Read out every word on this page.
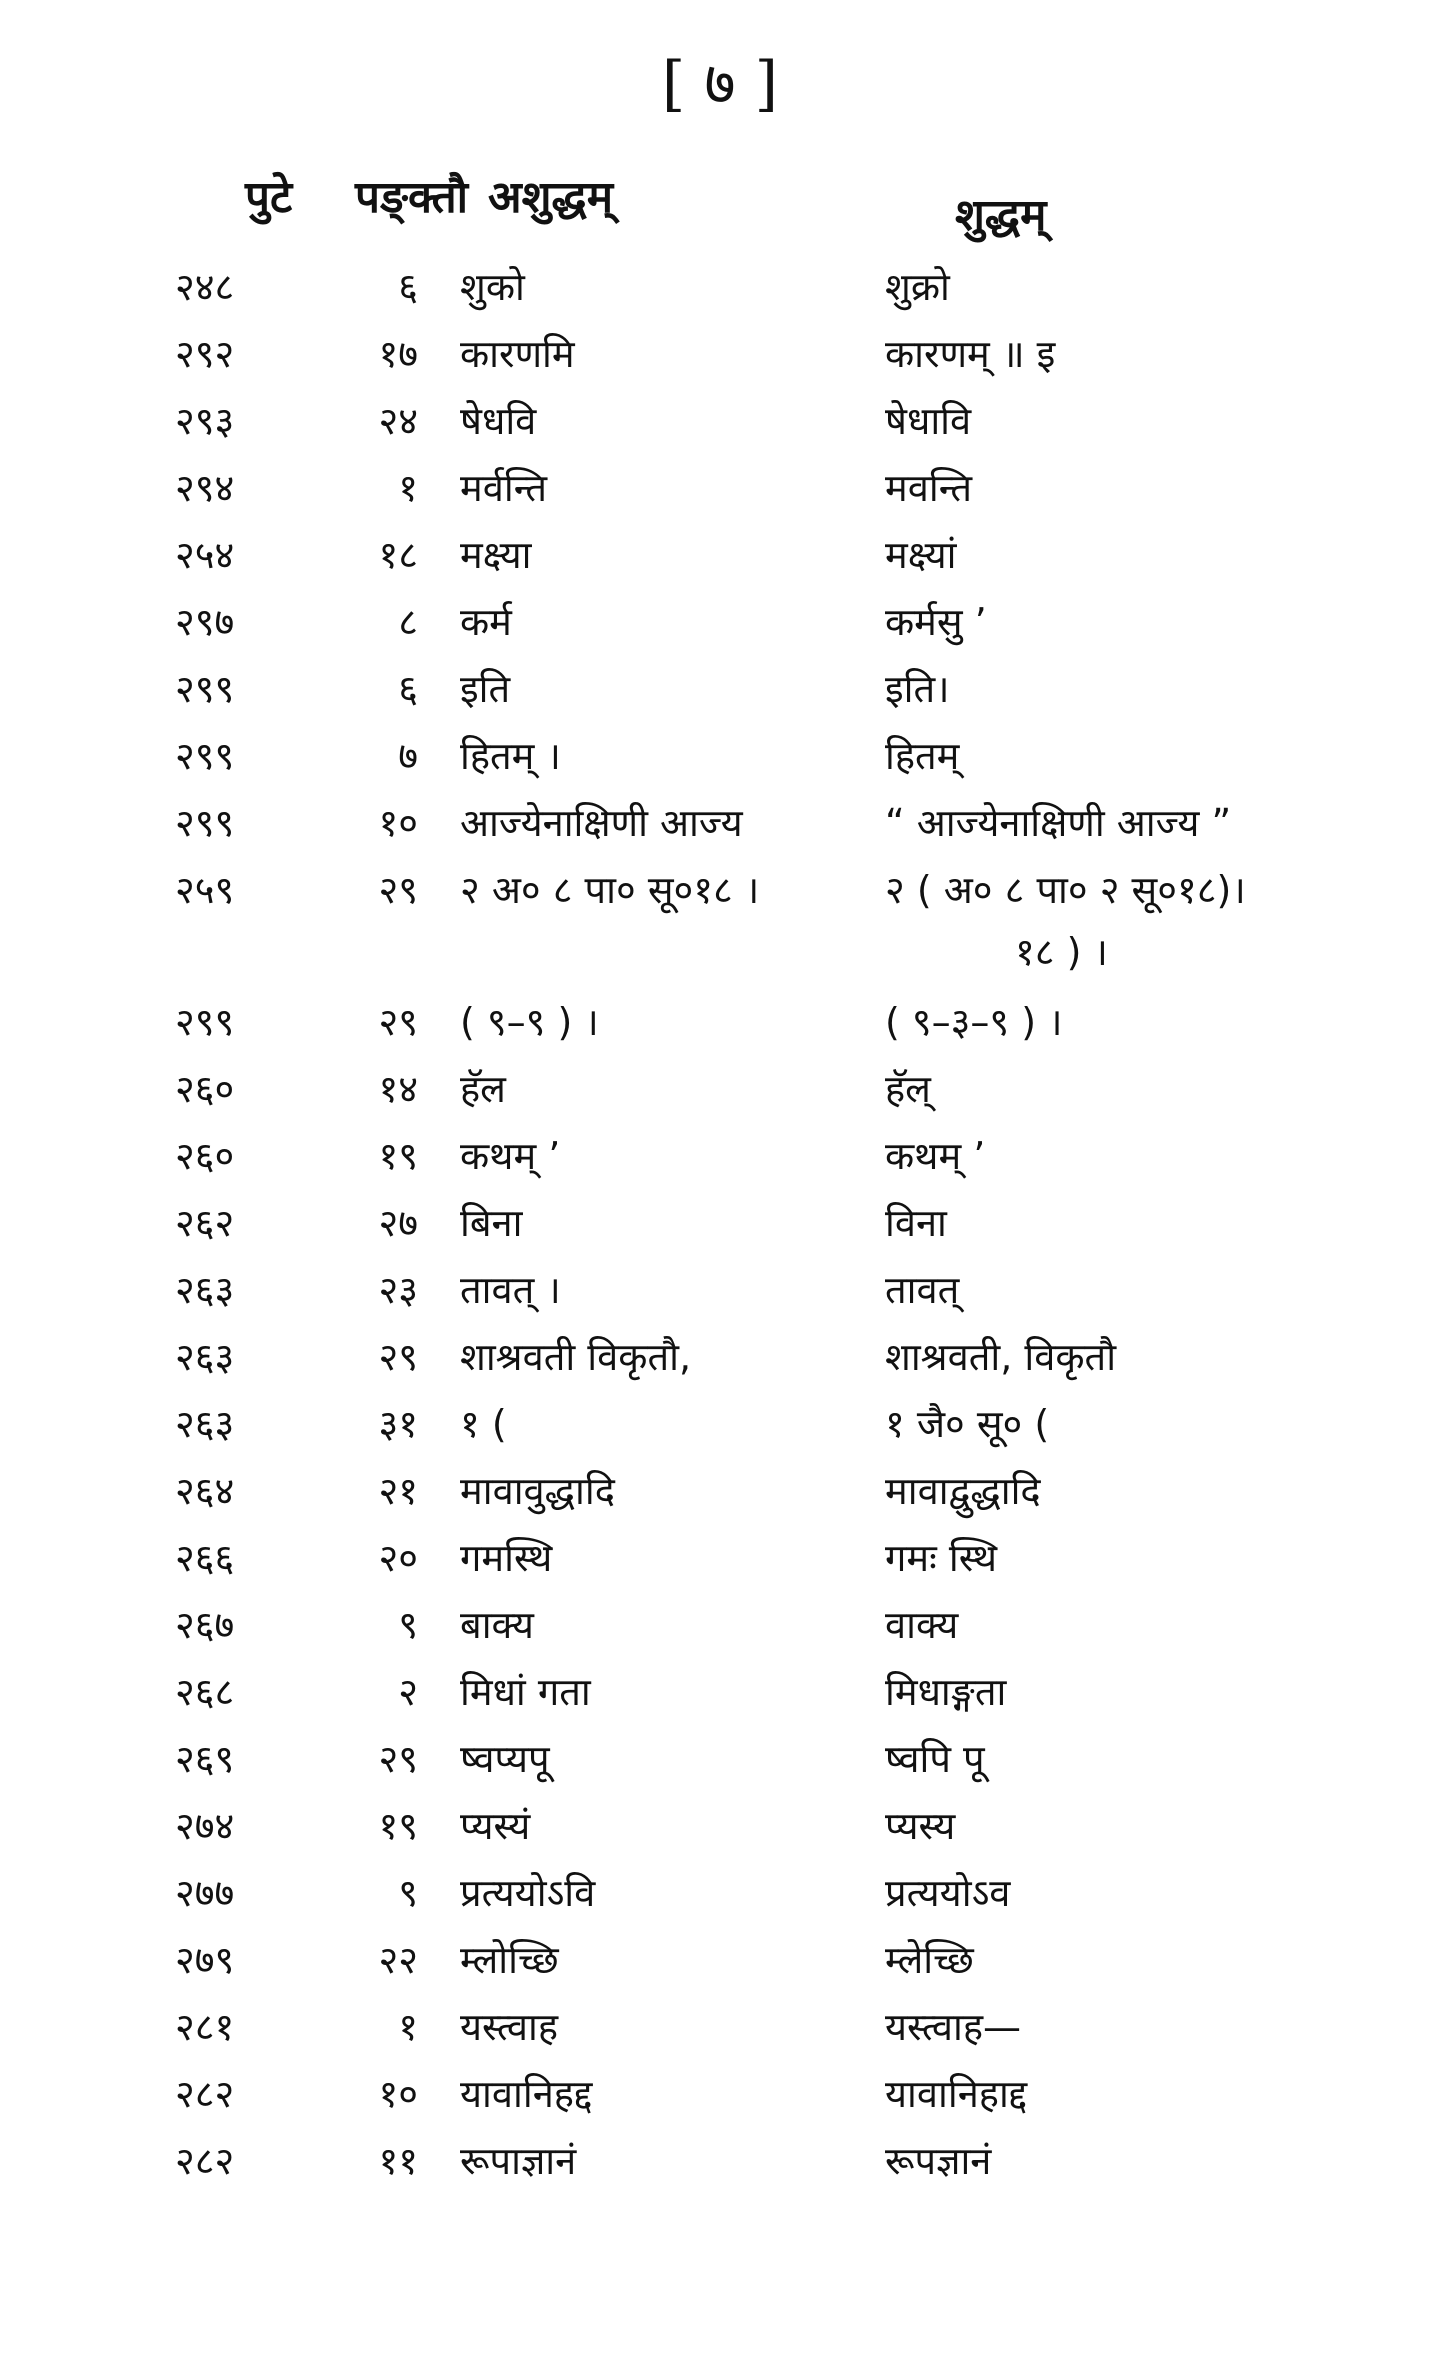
[ ७ ]
पुटे पङ्क्तौ अशुद्धम्	शुद्धम्
२४८	६ शुको	शुक्रो
२९२	१७ कारणमि	कारणम् ॥ इ
२९३	२४ षेधवि	षेधावि
२९४	१ मर्वन्ति	मवन्ति
२५४	१८ मक्ष्या	मक्ष्यां
२९७	८ कर्म	कर्मसु ’
२९९	६ इति	इति।
२९९	७ हितम् ।	हितम्
२९९	१० आज्येनाक्षिणी आज्य	“ आज्येनाक्षिणी आज्य ”
२५९	२९ २ अ० ८ पा० सू०१८ ।	२ ( अ० ८ पा० २ सू०१८)।
१८ ) ।
२९९	२९ ( ९–९ ) ।	( ९–३–९ ) ।
२६०	१४ हॅल	हॅल्
२६०	१९ कथम् ’	कथम् ’
२६२	२७ बिना	विना
२६३	२३ तावत् ।	तावत्
२६३	२९ शाश्रवती विकृतौ,	शाश्रवती, विकृतौ
२६३	३१ १ (	१ जै० सू० (
२६४	२१ मावावुद्धादि	मावाद्वुद्धादि
२६६	२० गमस्थि	गमः स्थि
२६७	९ बाक्य	वाक्य
२६८	२ मिधां गता	मिधाङ्गता
२६९	२९ ष्वप्यपू	ष्वपि पू
२७४	१९ प्यस्यं	प्यस्य
२७७	९ प्रत्ययोऽवि	प्रत्ययोऽव
२७९	२२ म्लोच्छि	म्लेच्छि
२८१	१ यस्त्वाह	यस्त्वाह—
२८२	१० यावानिहद्द	यावानिहाद्द
२८२	११ रूपाज्ञानं	रूपज्ञानं
